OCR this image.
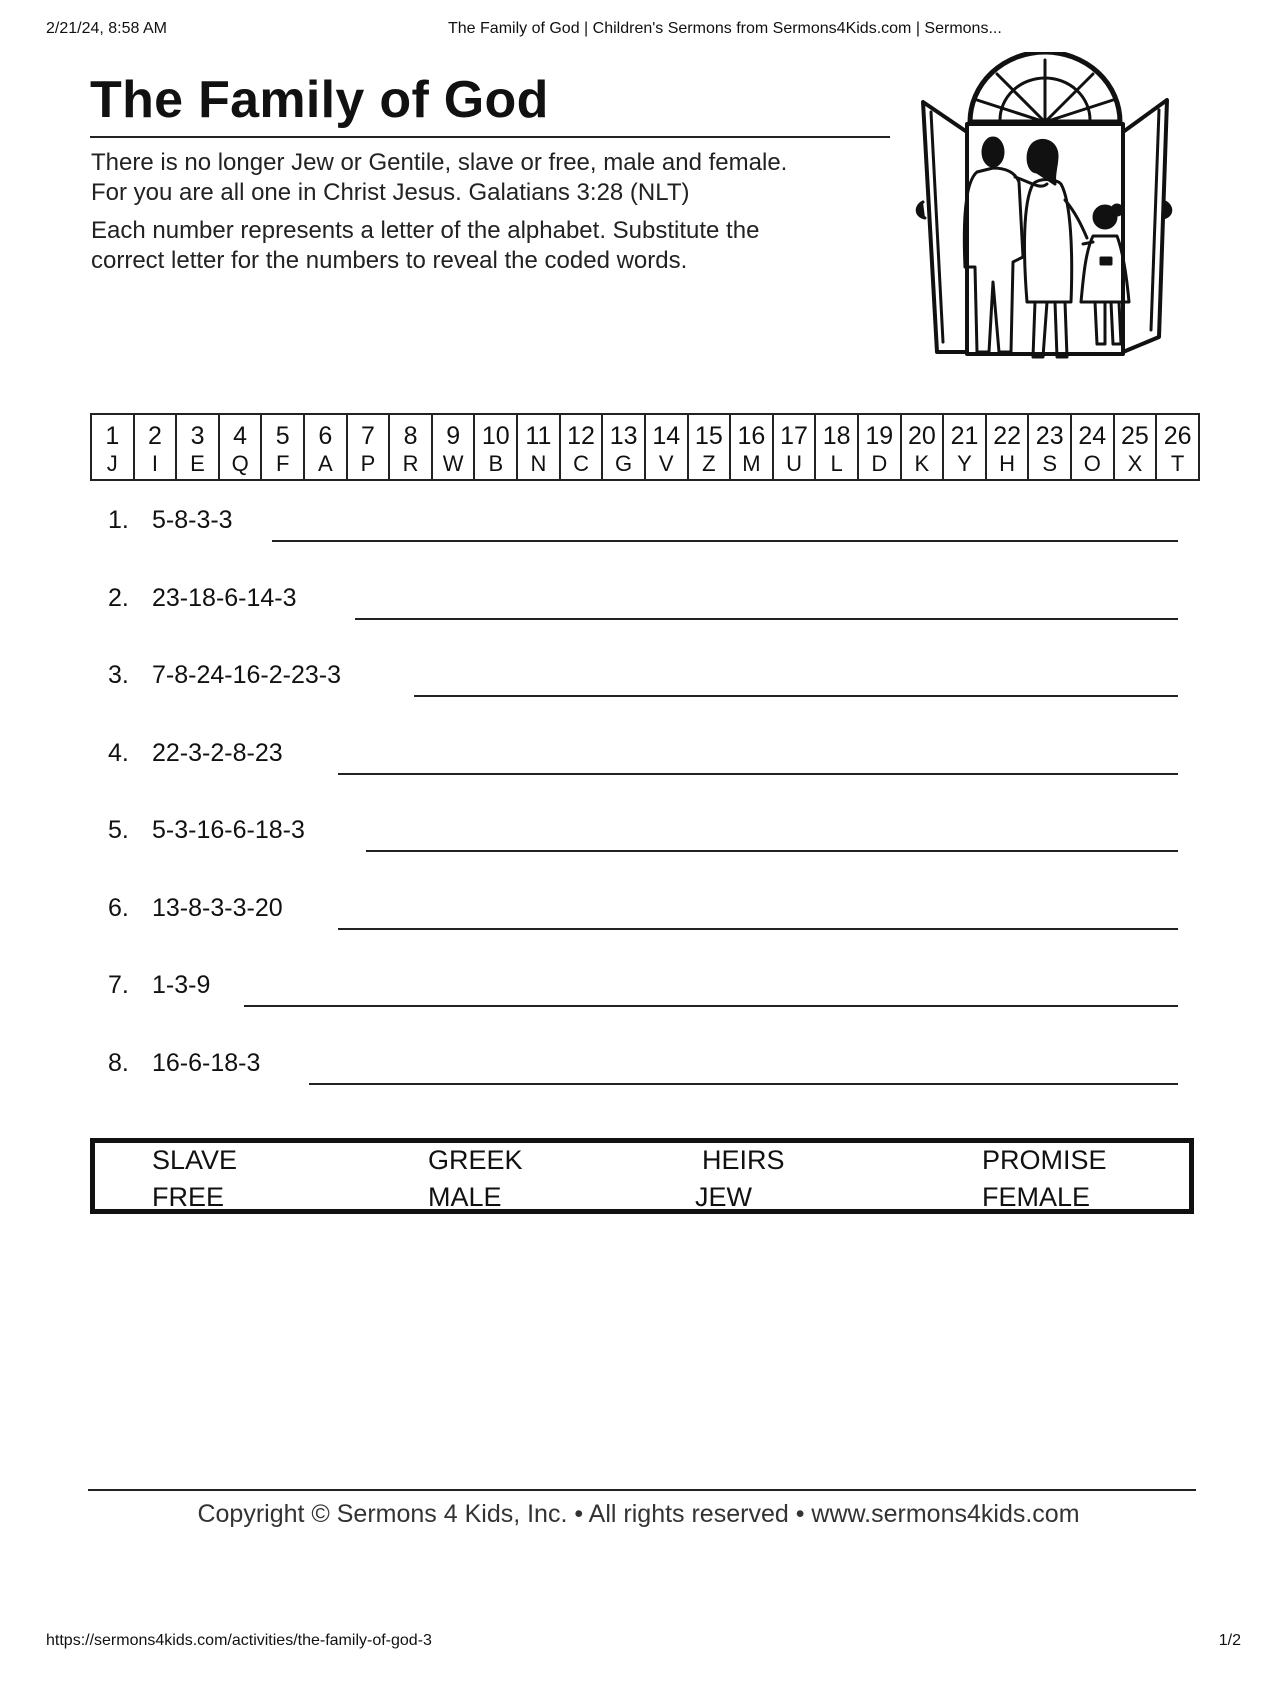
2/21/24, 8:58 AM	The Family of God | Children's Sermons from Sermons4Kids.com | Sermons...
The Family of God
There is no longer Jew or Gentile, slave or free, male and female.
For you are all one in Christ Jesus. Galatians 3:28 (NLT)
Each number represents a letter of the alphabet. Substitute the
correct letter for the numbers to reveal the coded words.
1	2	3	4	5	6	7	8	9	10	11	12	13	14	15	16	17	18	19	20	21	22	23	24	25	26
J	I	E	Q	F	A	P	R	W	B	N	C	G	V	Z	M	U	L	D	K	Y	H	S	O	X	T
1. 5-8-3-3
2. 23-18-6-14-3
3. 7-8-24-16-2-23-3
4. 22-3-2-8-23
5. 5-3-16-6-18-3
6. 13-8-3-3-20
7. 1-3-9
8. 16-6-18-3
SLAVE	GREEK	HEIRS	PROMISE
FREE	MALE	JEW	FEMALE
Copyright © Sermons 4 Kids, Inc. • All rights reserved • www.sermons4kids.com
https://sermons4kids.com/activities/the-family-of-god-3	1/2
